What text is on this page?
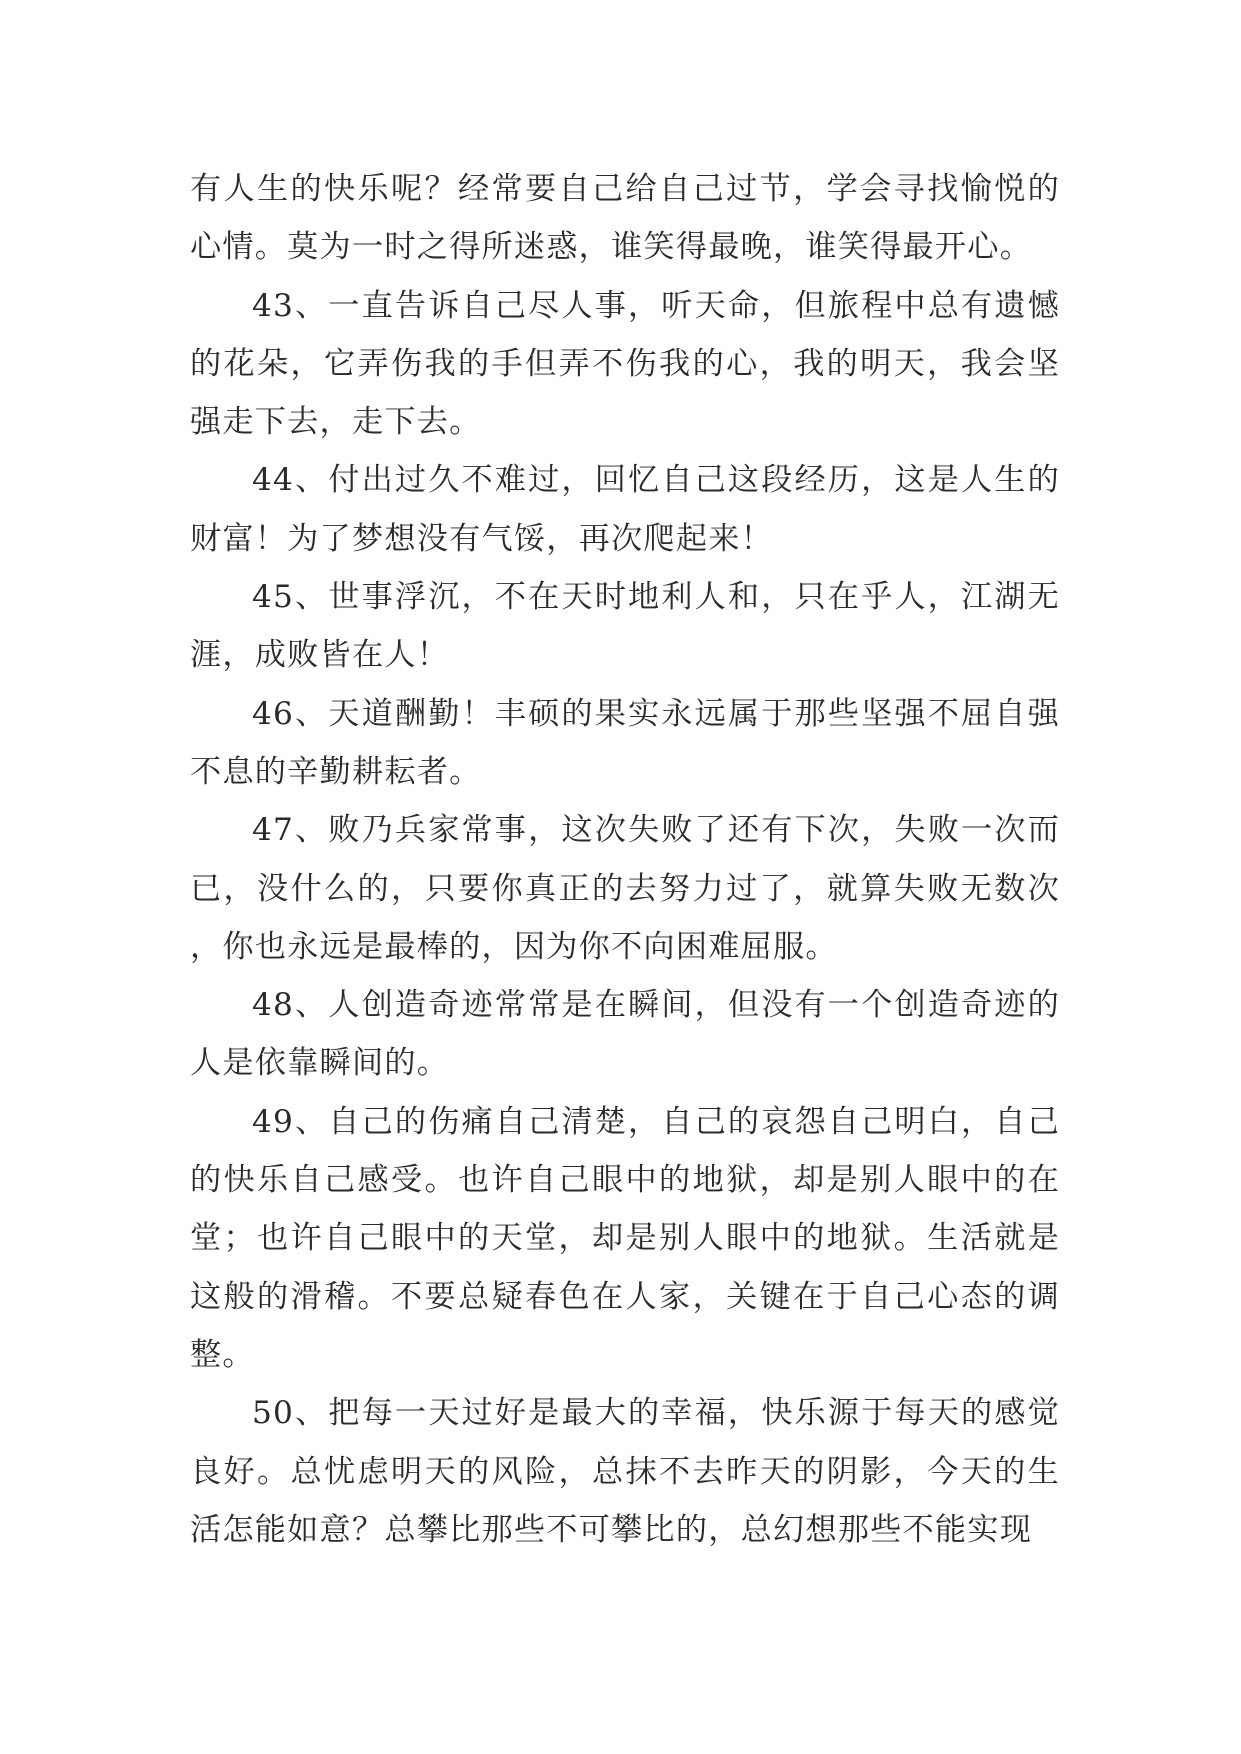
有人生的快乐呢？经常要自己给自己过节，学会寻找愉悦的心情。莫为一时之得所迷惑，谁笑得最晚，谁笑得最开心。

43、一直告诉自己尽人事，听天命，但旅程中总有遗憾的花朵，它弄伤我的手但弄不伤我的心，我的明天，我会坚强走下去，走下去。

44、付出过久不难过，回忆自己这段经历，这是人生的财富！为了梦想没有气馁，再次爬起来！

45、世事浮沉，不在天时地利人和，只在乎人，江湖无涯，成败皆在人！

46、天道酬勤！丰硕的果实永远属于那些坚强不屈自强不息的辛勤耕耘者。

47、败乃兵家常事，这次失败了还有下次，失败一次而已，没什么的，只要你真正的去努力过了，就算失败无数次，你也永远是最棒的，因为你不向困难屈服。

48、人创造奇迹常常是在瞬间，但没有一个创造奇迹的人是依靠瞬间的。

49、自己的伤痛自己清楚，自己的哀怨自己明白，自己的快乐自己感受。也许自己眼中的地狱，却是别人眼中的在堂；也许自己眼中的天堂，却是别人眼中的地狱。生活就是这般的滑稽。不要总疑春色在人家，关键在于自己心态的调整。

50、把每一天过好是最大的幸福，快乐源于每天的感觉良好。总忧虑明天的风险，总抹不去昨天的阴影，今天的生活怎能如意？总攀比那些不可攀比的，总幻想那些不能实现
